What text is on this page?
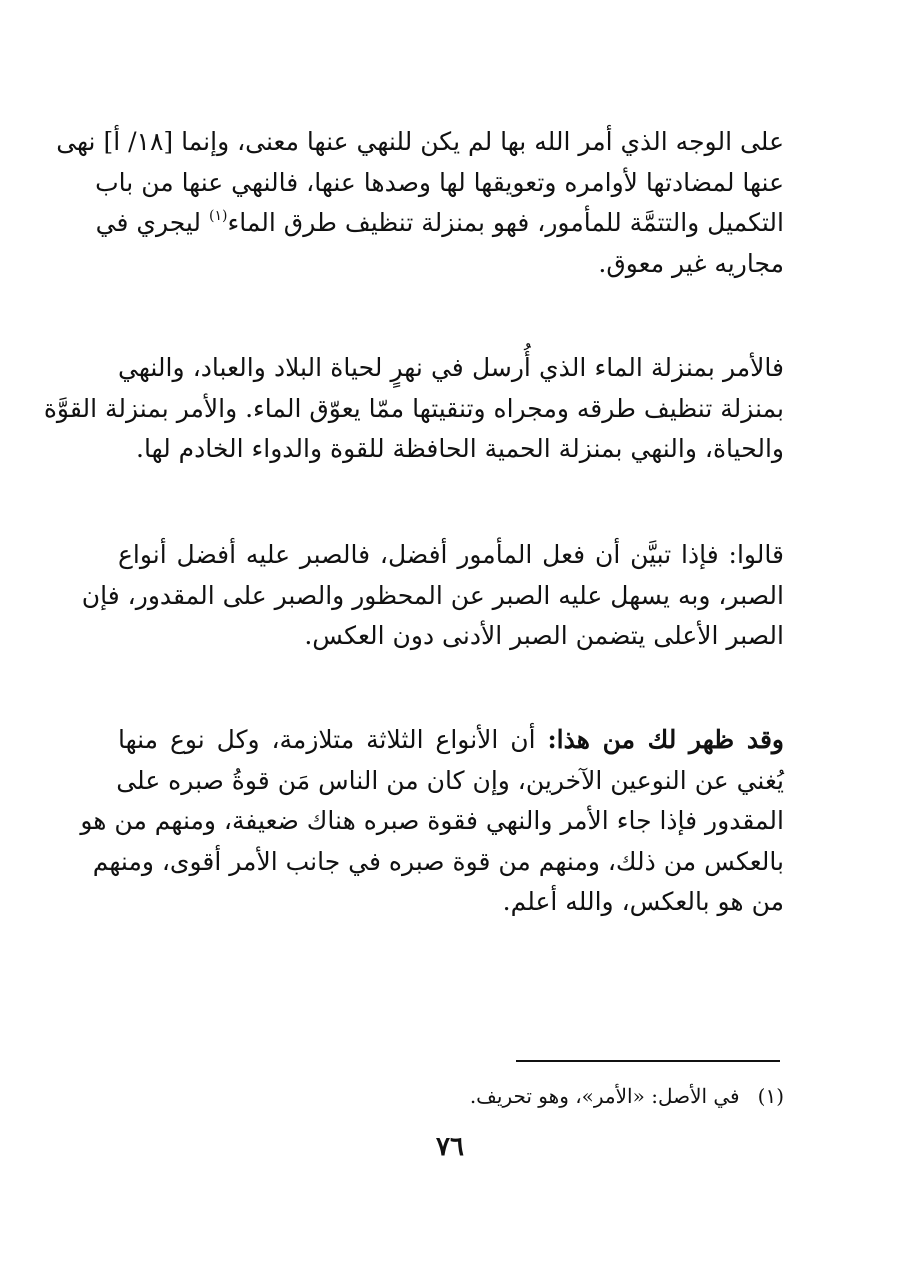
على الوجه الذي أمر الله بها لم يكن للنهي عنها معنى، وإنما [١٨/ أ] نهى
عنها لمضادتها لأوامره وتعويقها لها وصدها عنها، فالنهي عنها من باب
التكميل والتتمَّة للمأمور، فهو بمنزلة تنظيف طرق الماء$^{(١)}$ ليجري في
مجاريه غير معوق.
فالأمر بمنزلة الماء الذي أُرسل في نهرٍ لحياة البلاد والعباد، والنهي
بمنزلة تنظيف طرقه ومجراه وتنقيتها ممّا يعوّق الماء. والأمر بمنزلة القوَّة
والحياة، والنهي بمنزلة الحمية الحافظة للقوة والدواء الخادم لها.
قالوا: فإذا تبيَّن أن فعل المأمور أفضل، فالصبر عليه أفضل أنواع
الصبر، وبه يسهل عليه الصبر عن المحظور والصبر على المقدور، فإن
الصبر الأعلى يتضمن الصبر الأدنى دون العكس.
وقد ظهر لك من هذا: أن الأنواع الثلاثة متلازمة، وكل نوع منها
يُغني عن النوعين الآخرين، وإن كان من الناس مَن قوةُ صبره على
المقدور فإذا جاء الأمر والنهي فقوة صبره هناك ضعيفة، ومنهم من هو
بالعكس من ذلك، ومنهم من قوة صبره في جانب الأمر أقوى، ومنهم
من هو بالعكس، والله أعلم.
(١)في الأصل: «الأمر»، وهو تحريف.
٧٦
